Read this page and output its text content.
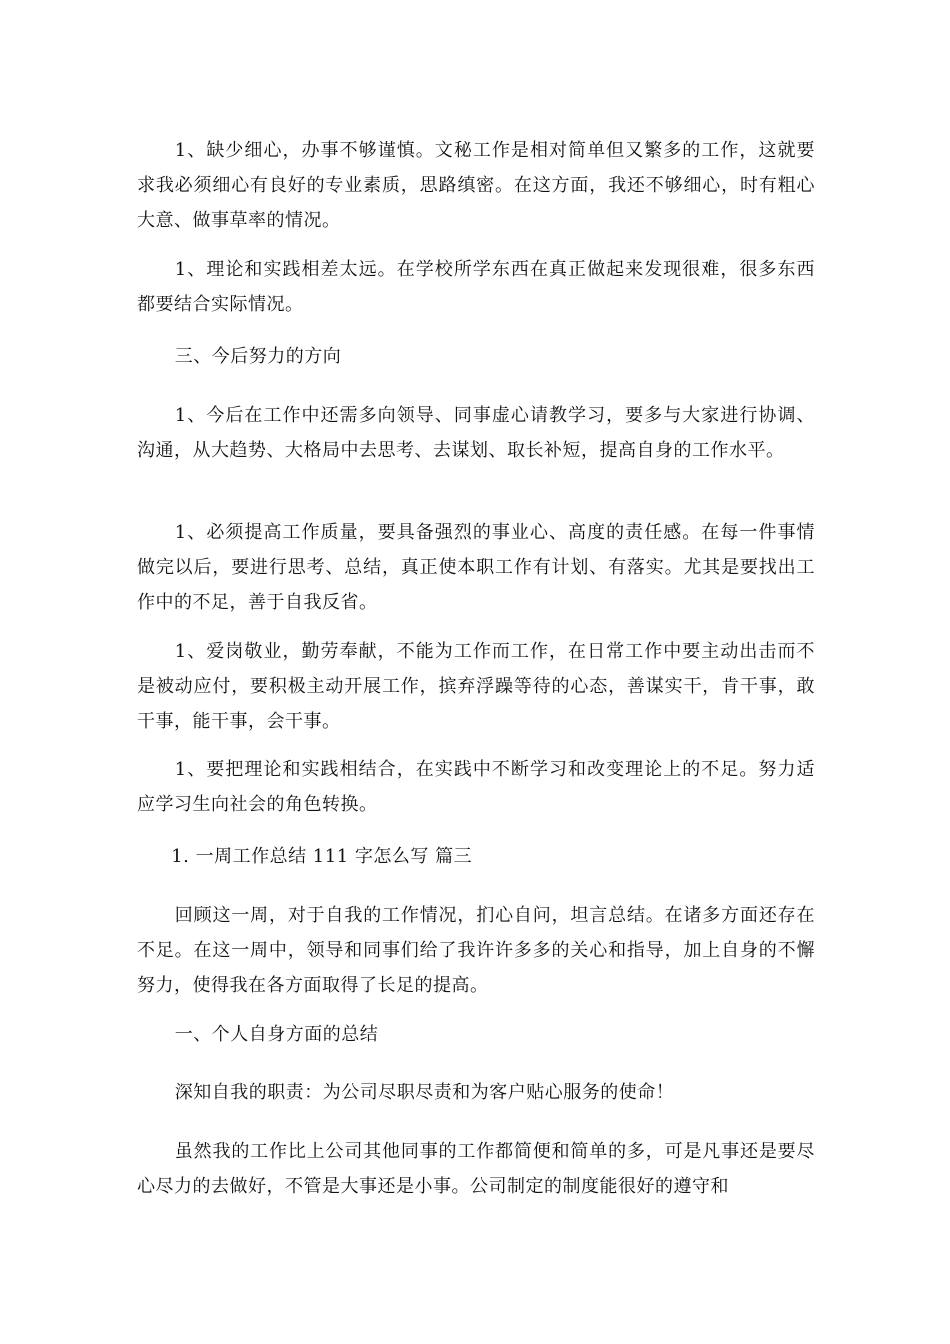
1、缺少细心，办事不够谨慎。文秘工作是相对简单但又繁多的工作，这就要求我必须细心有良好的专业素质，思路缜密。在这方面，我还不够细心，时有粗心大意、做事草率的情况。

1、理论和实践相差太远。在学校所学东西在真正做起来发现很难，很多东西都要结合实际情况。

三、今后努力的方向

1、今后在工作中还需多向领导、同事虚心请教学习，要多与大家进行协调、沟通，从大趋势、大格局中去思考、去谋划、取长补短，提高自身的工作水平。

1、必须提高工作质量，要具备强烈的事业心、高度的责任感。在每一件事情做完以后，要进行思考、总结，真正使本职工作有计划、有落实。尤其是要找出工作中的不足，善于自我反省。

1、爱岗敬业，勤劳奉献，不能为工作而工作，在日常工作中要主动出击而不是被动应付，要积极主动开展工作，摈弃浮躁等待的心态，善谋实干，肯干事，敢干事，能干事，会干事。

1、要把理论和实践相结合，在实践中不断学习和改变理论上的不足。努力适应学习生向社会的角色转换。

1. 一周工作总结 111 字怎么写 篇三

回顾这一周，对于自我的工作情况，扪心自问，坦言总结。在诸多方面还存在不足。在这一周中，领导和同事们给了我许许多多的关心和指导，加上自身的不懈努力，使得我在各方面取得了长足的提高。

一、个人自身方面的总结

深知自我的职责：为公司尽职尽责和为客户贴心服务的使命！

虽然我的工作比上公司其他同事的工作都简便和简单的多，可是凡事还是要尽心尽力的去做好，不管是大事还是小事。公司制定的制度能很好的遵守和
